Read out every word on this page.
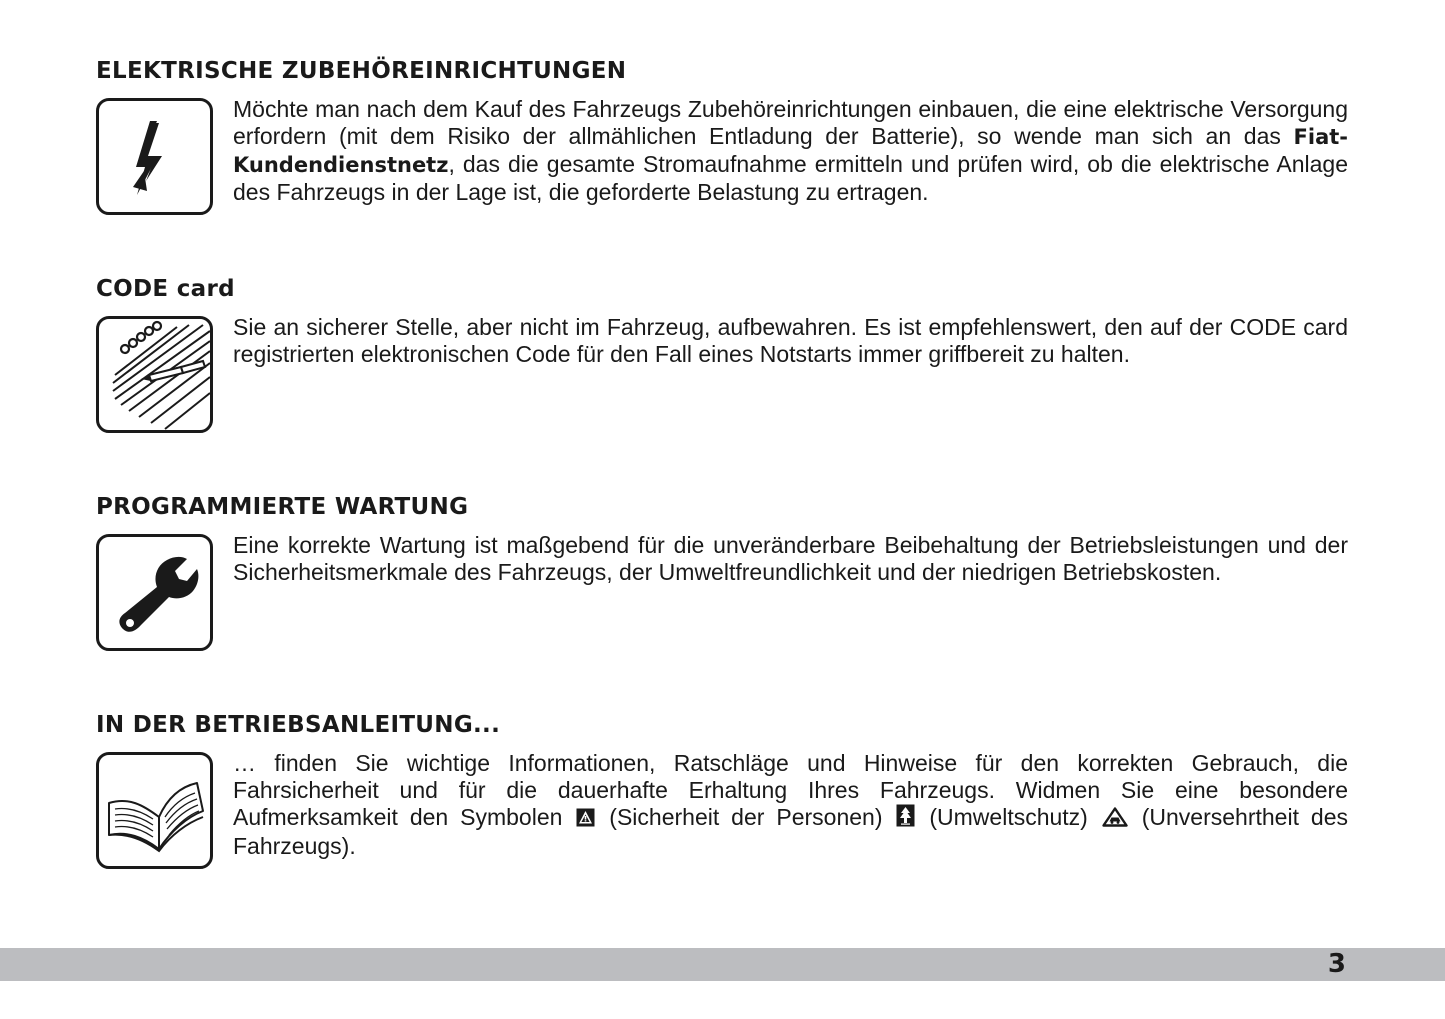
ELEKTRISCHE ZUBEHÖREINRICHTUNGEN
Möchte man nach dem Kauf des Fahrzeugs Zubehöreinrichtungen einbauen, die eine elektrische Versorgung erfordern (mit dem Risiko der allmählichen Entladung der Batterie), so wende man sich an das Fiat-Kundendienstnetz, das die gesamte Stromaufnahme ermitteln und prüfen wird, ob die elektrische Anlage des Fahrzeugs in der Lage ist, die geforderte Belastung zu ertragen.
CODE card
Sie an sicherer Stelle, aber nicht im Fahrzeug, aufbewahren. Es ist empfehlenswert, den auf der CODE card registrierten elektronischen Code für den Fall eines Notstarts immer griffbereit zu halten.
PROGRAMMIERTE WARTUNG
Eine korrekte Wartung ist maßgebend für die unveränderbare Beibehaltung der Betriebsleistungen und der Sicherheitsmerkmale des Fahrzeugs, der Umweltfreundlichkeit und der niedrigen Betriebskosten.
IN DER BETRIEBSANLEITUNG...
… finden Sie wichtige Informationen, Ratschläge und Hinweise für den korrekten Gebrauch, die Fahrsicherheit und für die dauerhafte Erhaltung Ihres Fahrzeugs. Widmen Sie eine besondere Aufmerksamkeit den Symbolen  (Sicherheit der Personen)  (Umweltschutz)  (Unversehrtheit des Fahrzeugs).
3
